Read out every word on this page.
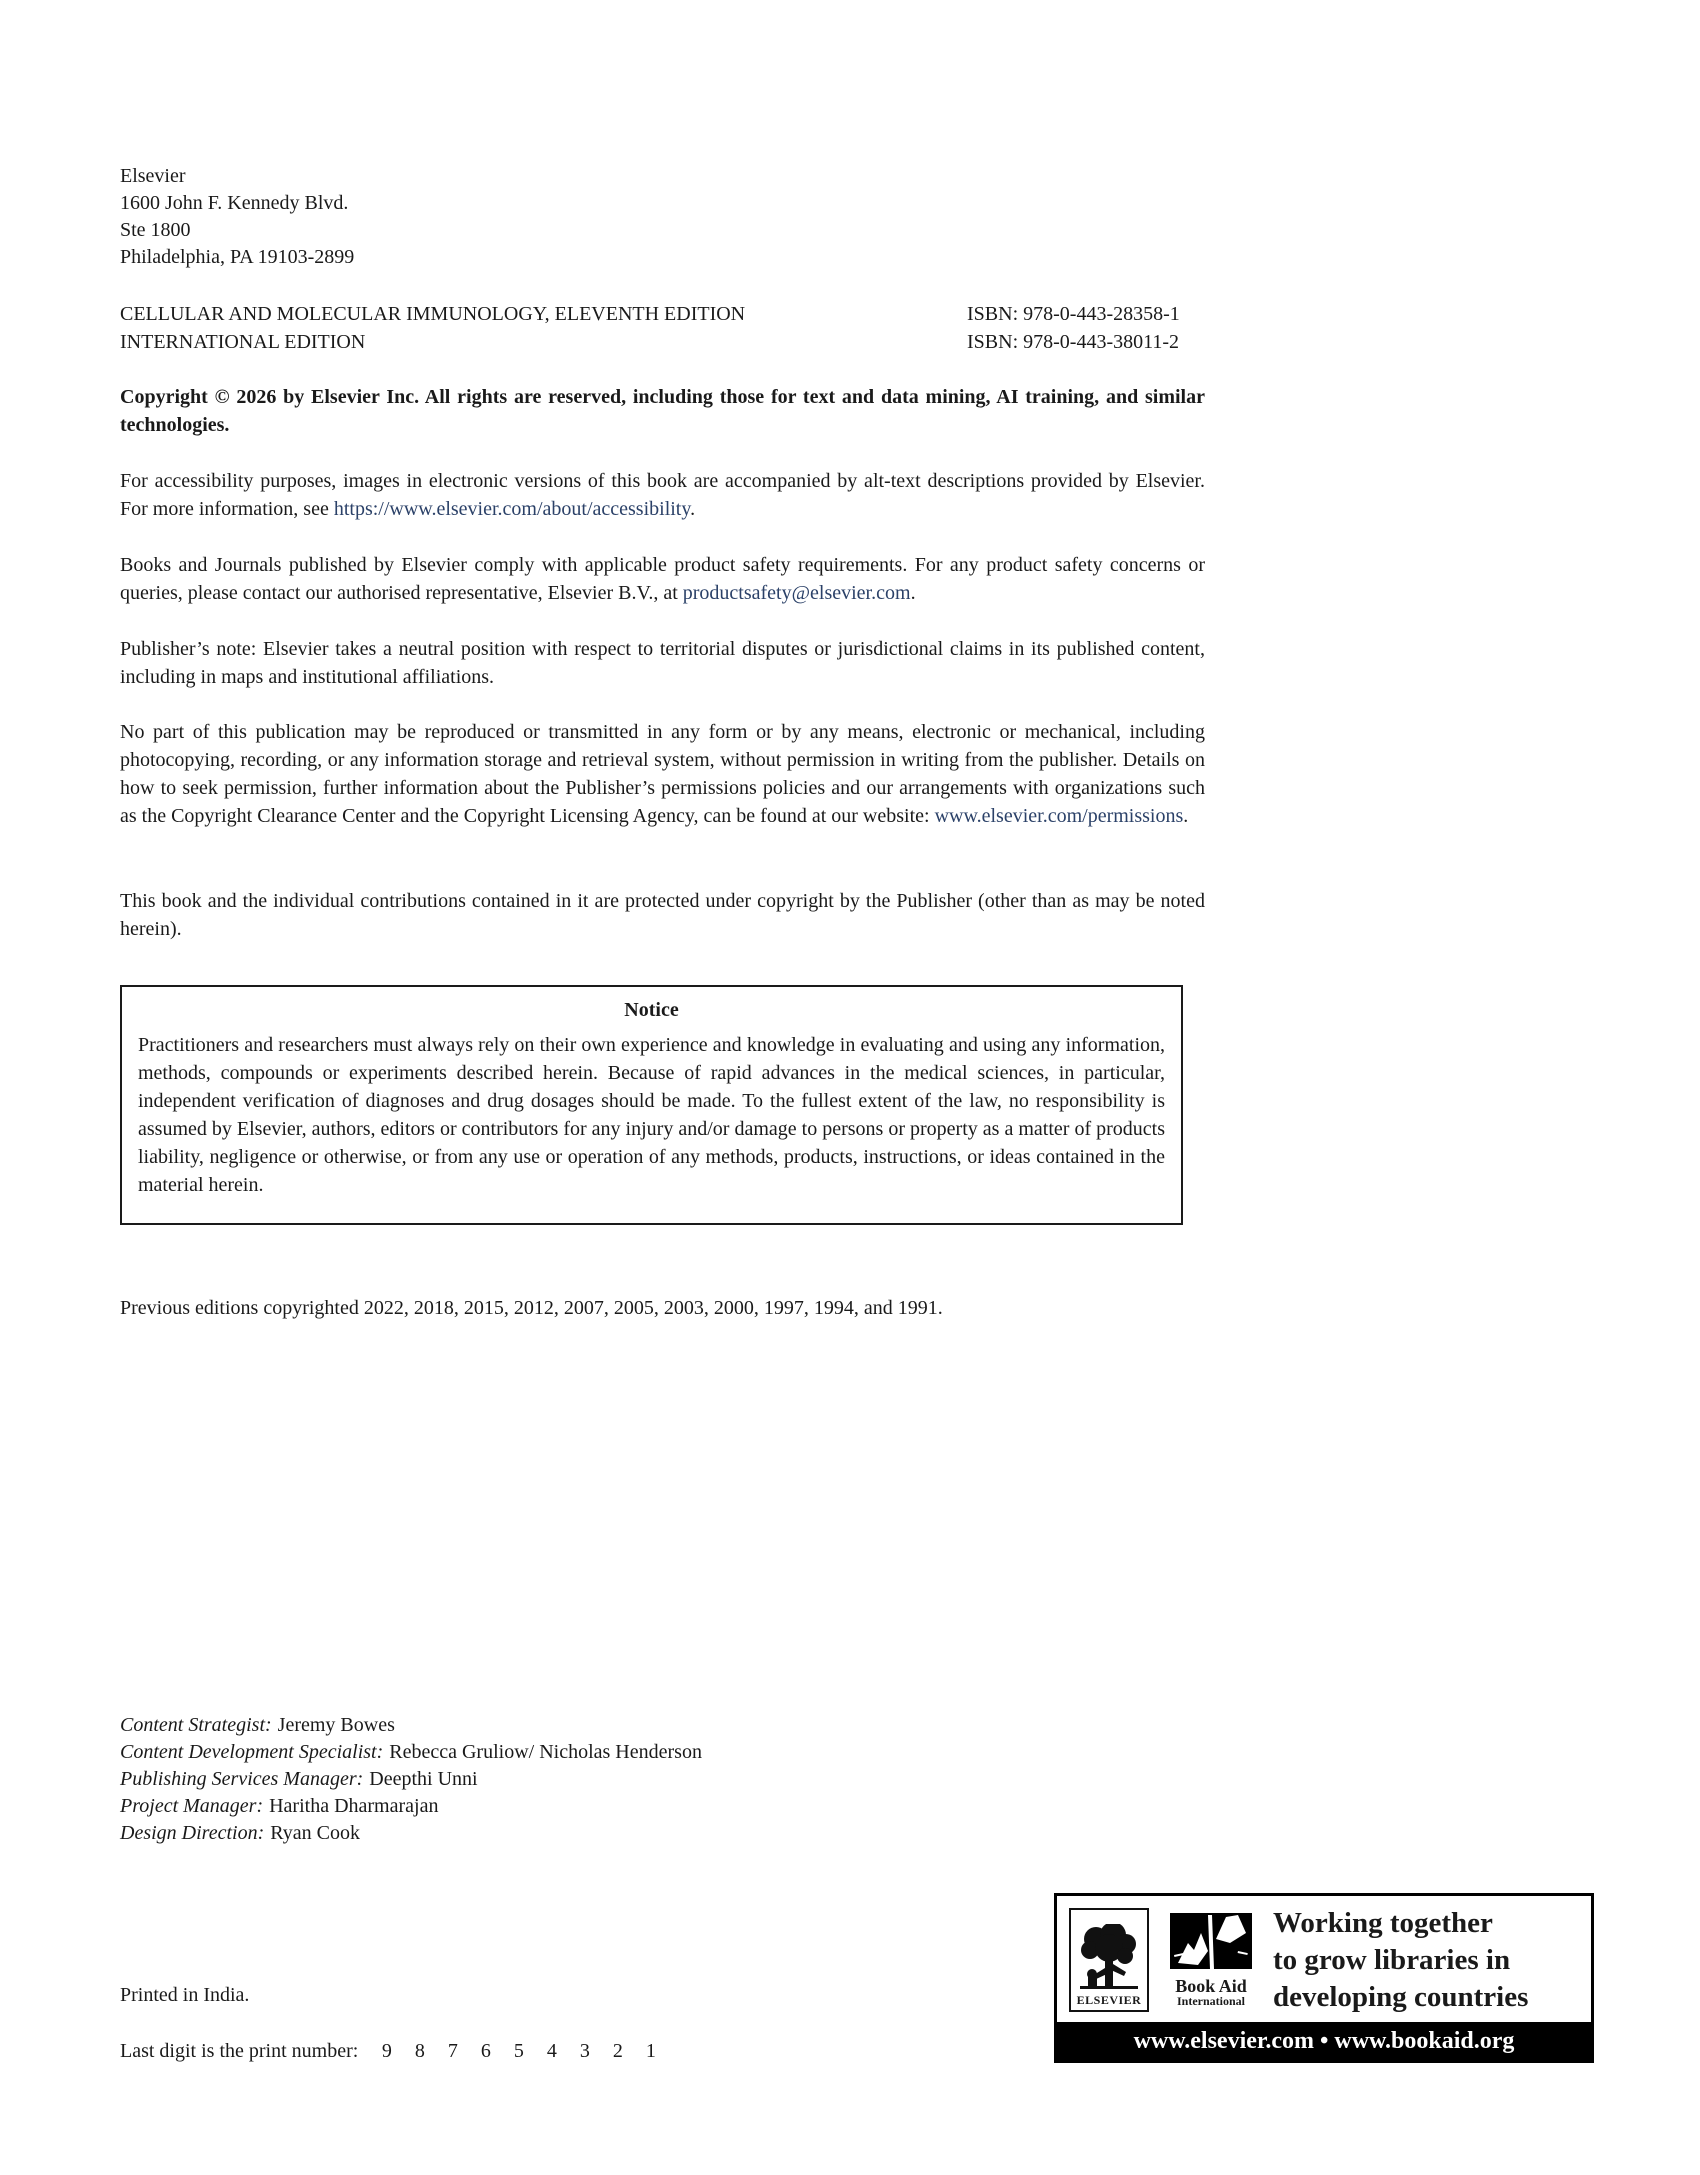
Elsevier
1600 John F. Kennedy Blvd.
Ste 1800
Philadelphia, PA 19103-2899
CELLULAR AND MOLECULAR IMMUNOLOGY, ELEVENTH EDITION	ISBN: 978-0-443-28358-1
INTERNATIONAL EDITION	ISBN: 978-0-443-38011-2

Copyright © 2026 by Elsevier Inc. All rights are reserved, including those for text and data mining, AI training, and similar technologies.

For accessibility purposes, images in electronic versions of this book are accompanied by alt-text descriptions provided by Elsevier. For more information, see https://www.elsevier.com/about/accessibility.

Books and Journals published by Elsevier comply with applicable product safety requirements. For any product safety concerns or queries, please contact our authorised representative, Elsevier B.V., at productsafety@elsevier.com.

Publisher’s note: Elsevier takes a neutral position with respect to territorial disputes or jurisdictional claims in its published content, including in maps and institutional affiliations.

No part of this publication may be reproduced or transmitted in any form or by any means, electronic or mechanical, including photocopying, recording, or any information storage and retrieval system, without permission in writing from the publisher. Details on how to seek permission, further information about the Publisher’s permissions policies and our arrangements with organizations such as the Copyright Clearance Center and the Copyright Licensing Agency, can be found at our website: www.elsevier.com/permissions.

This book and the individual contributions contained in it are protected under copyright by the Publisher (other than as may be noted herein).

Notice

Practitioners and researchers must always rely on their own experience and knowledge in evaluating and using any information, methods, compounds or experiments described herein. Because of rapid advances in the medical sciences, in particular, independent verification of diagnoses and drug dosages should be made. To the fullest extent of the law, no responsibility is assumed by Elsevier, authors, editors or contributors for any injury and/or damage to persons or property as a matter of products liability, negligence or otherwise, or from any use or operation of any methods, products, instructions, or ideas contained in the material herein.

Previous editions copyrighted 2022, 2018, 2015, 2012, 2007, 2005, 2003, 2000, 1997, 1994, and 1991.
Content Strategist: Jeremy Bowes
Content Development Specialist: Rebecca Gruliow/ Nicholas Henderson
Publishing Services Manager: Deepthi Unni
Project Manager: Haritha Dharmarajan
Design Direction: Ryan Cook
ELSEVIER
Book Aid
International
Working together
to grow libraries in
developing countries
www.elsevier.com • www.bookaid.org
Printed in India.
Last digit is the print number: 9 8 7 6 5 4 3 2 1
